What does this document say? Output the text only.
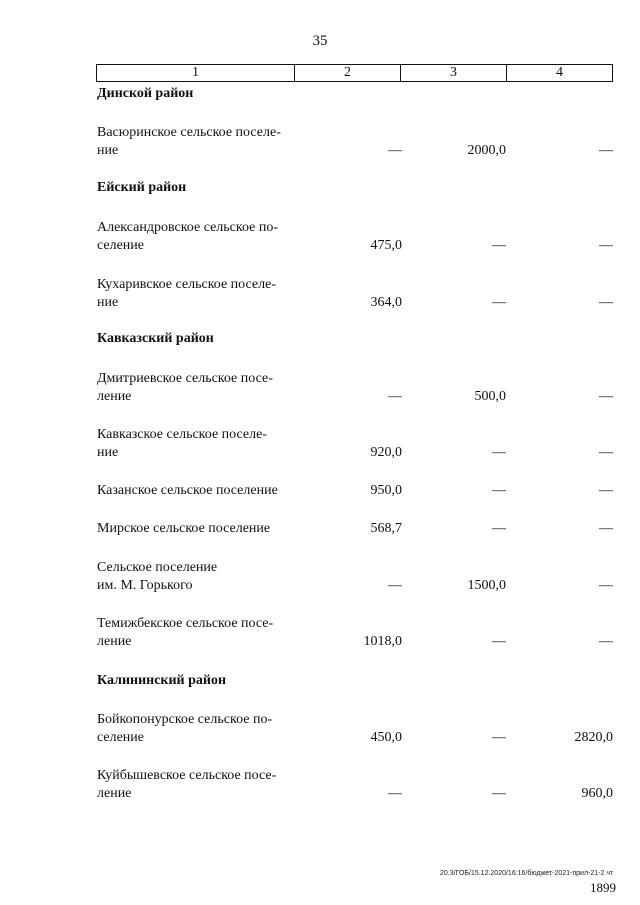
35
1	2	3	4
Динской район
Васюринское сельское поселе-
ние	—	2000,0	—
Ейский район
Александровское сельское по-
селение	475,0	—	—
Кухаривское сельское поселе-
ние	364,0	—	—
Кавказский район
Дмитриевское сельское посе-
ление	—	500,0	—
Кавказское сельское поселе-
ние	920,0	—	—
Казанское сельское поселение	950,0	—	—
Мирское сельское поселение	568,7	—	—
Сельское поселение
им. М. Горького	—	1500,0	—
Темижбекское сельское посе-
ление	1018,0	—	—
Калининский район
Бойкопонурское сельское по-
селение	450,0	—	2820,0
Куйбышевское сельское посе-
ление	—	—	960,0
20.3/ГОБ/15.12.2020/16:16/бюджет-2021-прил-21-2 чт
1899
